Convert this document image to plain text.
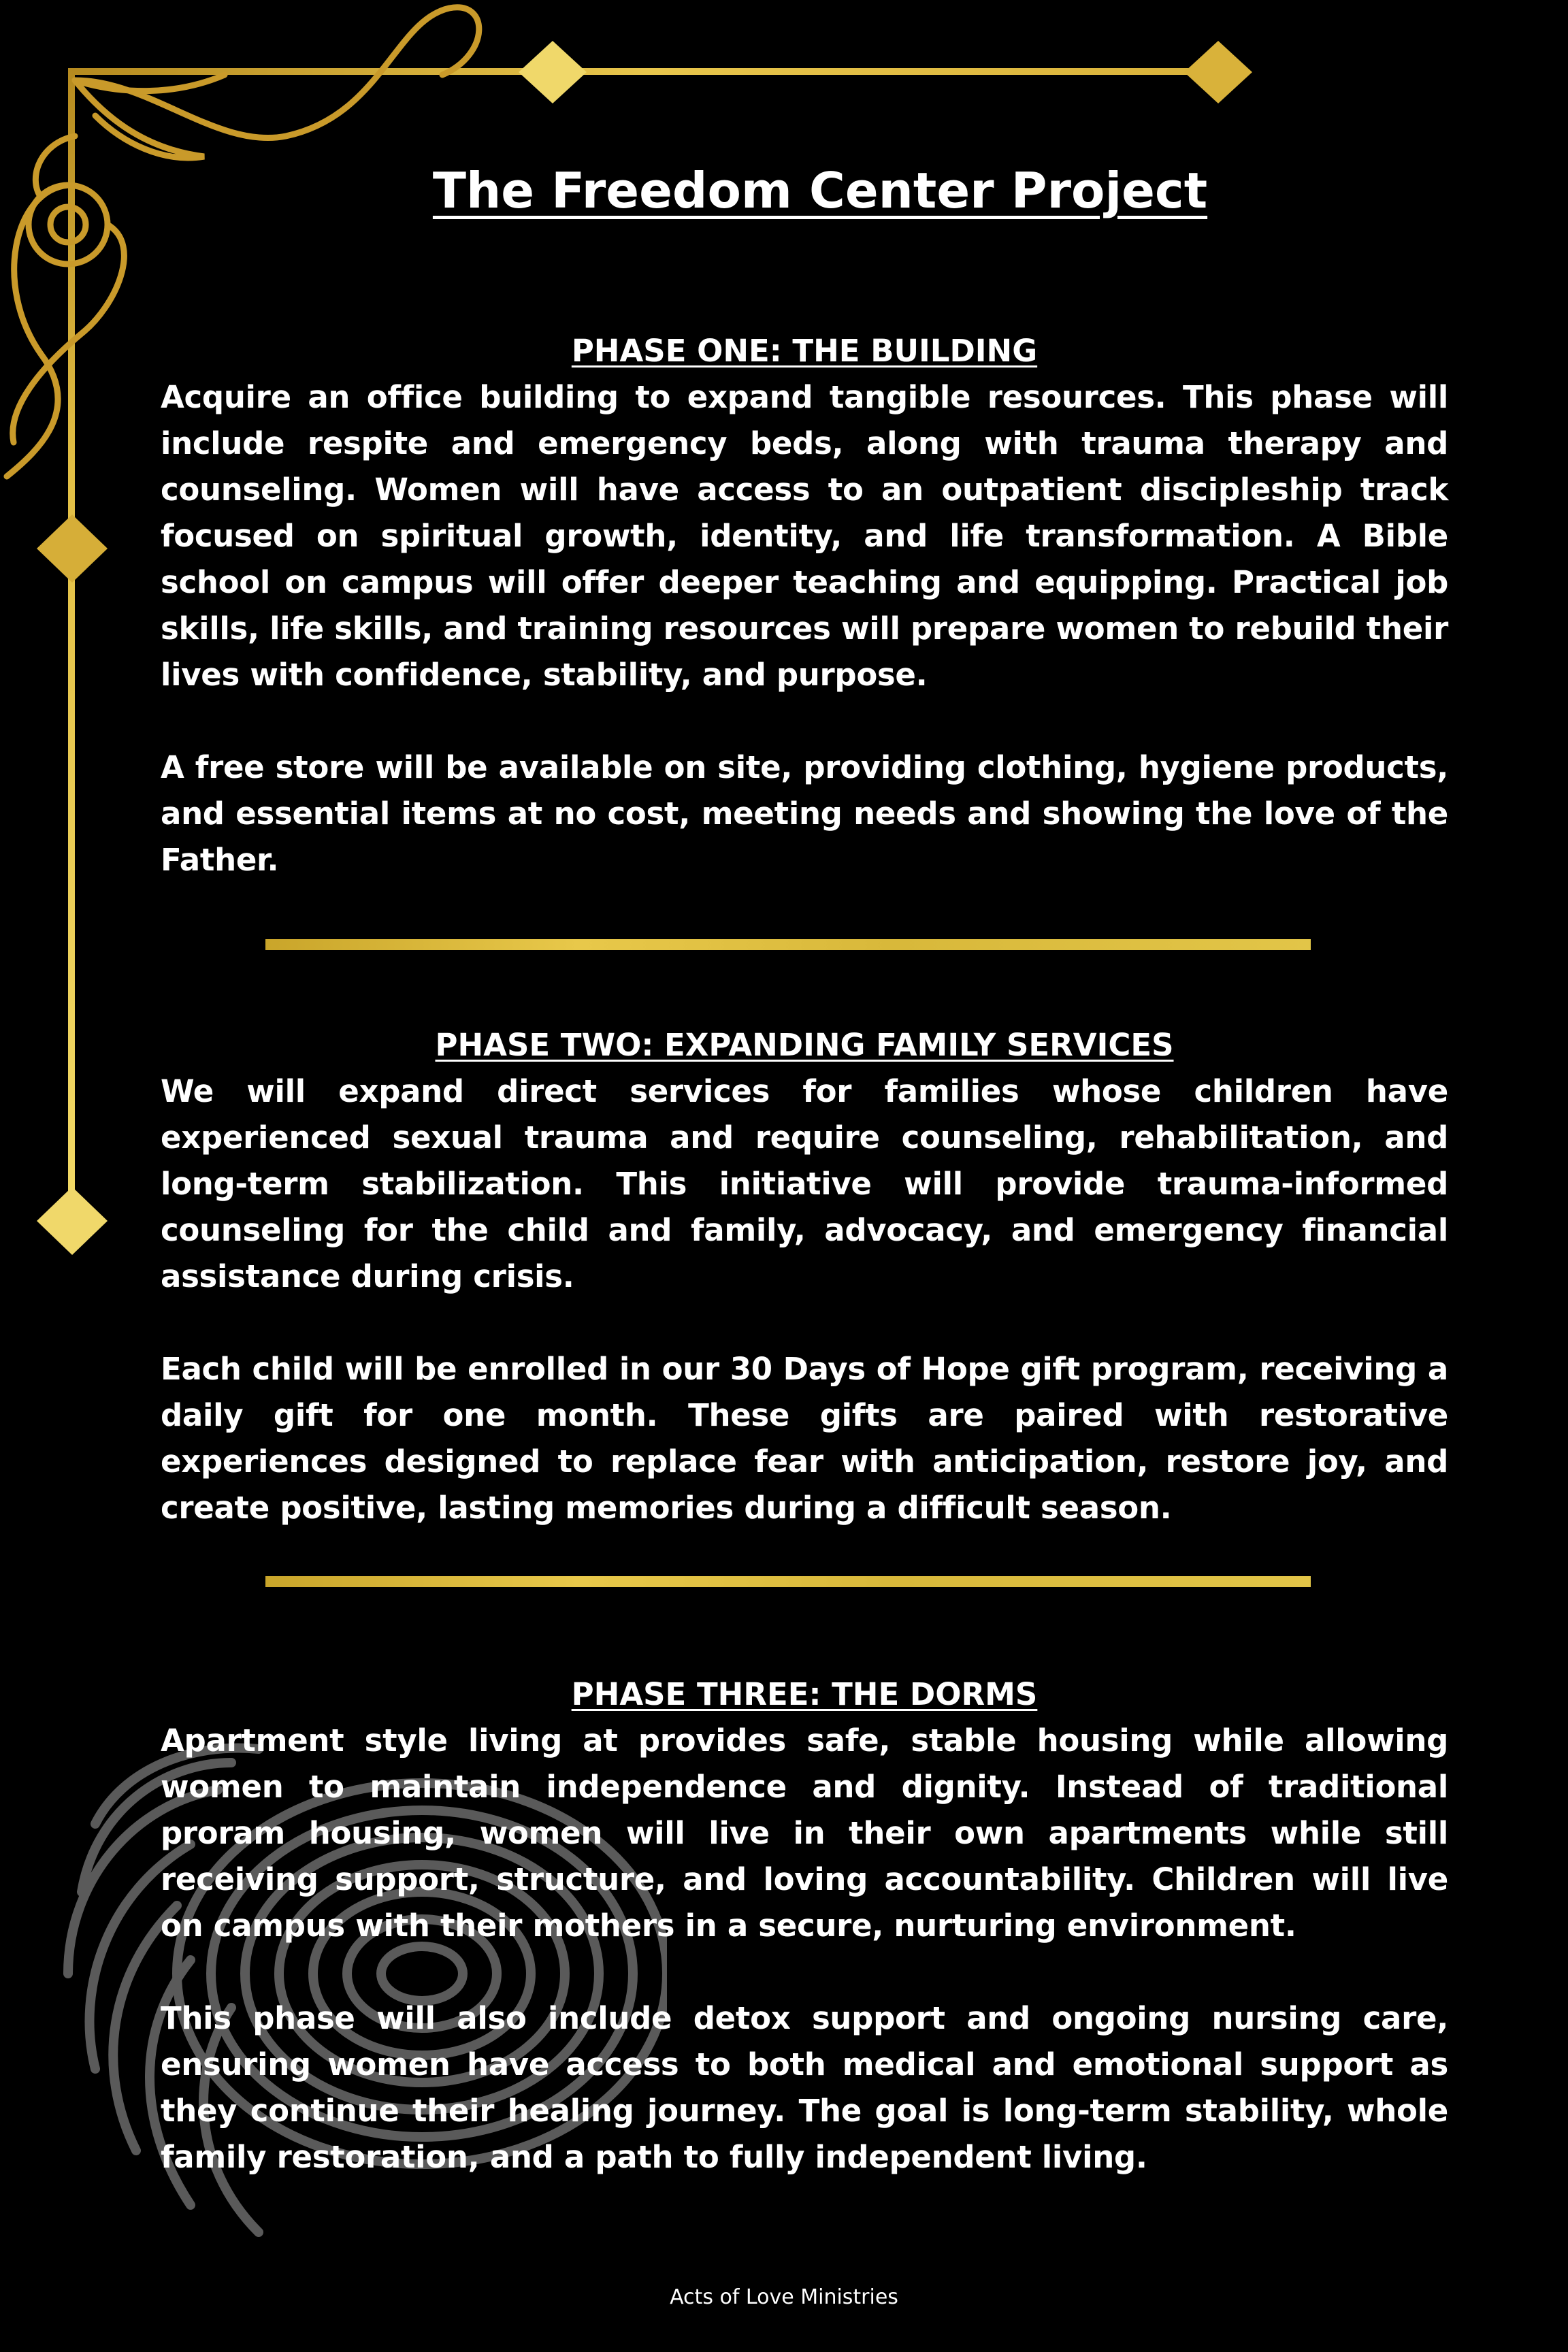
The Freedom Center Project
PHASE ONE: THE BUILDING

Acquire an office building to expand tangible resources. This phase will include respite and emergency beds, along with trauma therapy and counseling. Women will have access to an outpatient discipleship track focused on spiritual growth, identity, and life transformation. A Bible school on campus will offer deeper teaching and equipping. Practical job skills, life skills, and training resources will prepare women to rebuild their lives with confidence, stability, and purpose.

A free store will be available on site, providing clothing, hygiene products, and essential items at no cost, meeting needs and showing the love of the Father.

PHASE TWO: EXPANDING FAMILY SERVICES

We will expand direct services for families whose children have experienced sexual trauma and require counseling, rehabilitation, and long-term stabilization. This initiative will provide trauma-informed counseling for the child and family, advocacy, and emergency financial assistance during crisis.

Each child will be enrolled in our 30 Days of Hope gift program, receiving a daily gift for one month. These gifts are paired with restorative experiences designed to replace fear with anticipation, restore joy, and create positive, lasting memories during a difficult season.

PHASE THREE: THE DORMS

Apartment style living at provides safe, stable housing while allowing women to maintain independence and dignity. Instead of traditional proram housing, women will live in their own apartments while still receiving support, structure, and loving accountability. Children will live on campus with their mothers in a secure, nurturing environment.

This phase will also include detox support and ongoing nursing care, ensuring women have access to both medical and emotional support as they continue their healing journey. The goal is long-term stability, whole family restoration, and a path to fully independent living.

Acts of Love Ministries
